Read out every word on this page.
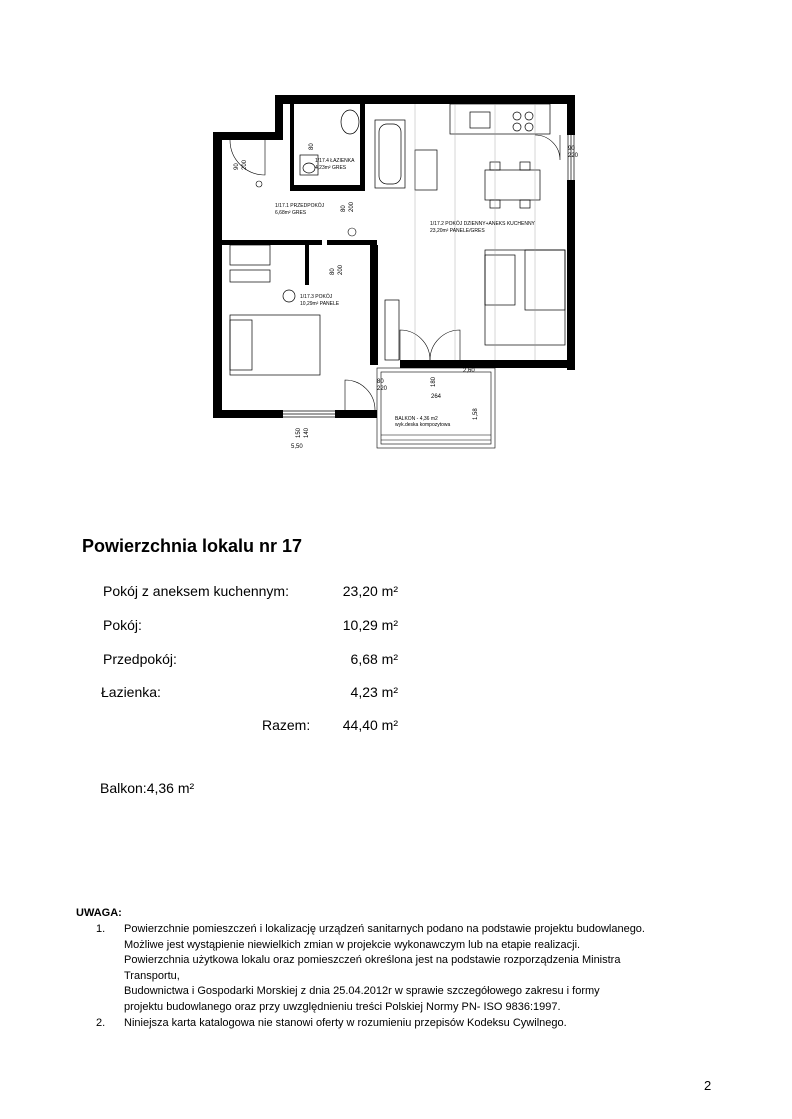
1/17.4 ŁAZIENKA
4,23m² GRES
1/17.1 PRZEDPOKÓJ
6,68m² GRES
1/17.2 POKÓJ DZIENNY+ANEKS KUCHENNY
23,20m² PANELE/GRES
1/17.3 POKÓJ
10,29m² PANELE
BALKON - 4,36 m2
wyk.deska kompozytowa
90 200
80
80 200
80 200
90
220
80
220
150 140
180
264
1,58
2,60
5,50
Powierzchnia lokalu nr 17
Pokój z aneksem kuchennym:	23,20 m²
Pokój:	10,29 m²
Przedpokój:	6,68 m²
Łazienka:	4,23 m²
Razem: 44,40 m²
Balkon:4,36 m²
UWAGA:
1. Powierzchnie pomieszczeń i lokalizację urządzeń sanitarnych podano na podstawie projektu budowlanego.
Możliwe jest wystąpienie niewielkich zmian w projekcie wykonawczym lub na etapie realizacji.
Powierzchnia użytkowa lokalu oraz pomieszczeń określona jest na podstawie rozporządzenia Ministra
Transportu,
Budownictwa i Gospodarki Morskiej z dnia 25.04.2012r w sprawie szczegółowego zakresu i formy
projektu budowlanego oraz przy uwzględnieniu treści Polskiej Normy PN- ISO 9836:1997.
2. Niniejsza karta katalogowa nie stanowi oferty w rozumieniu przepisów Kodeksu Cywilnego.
2
